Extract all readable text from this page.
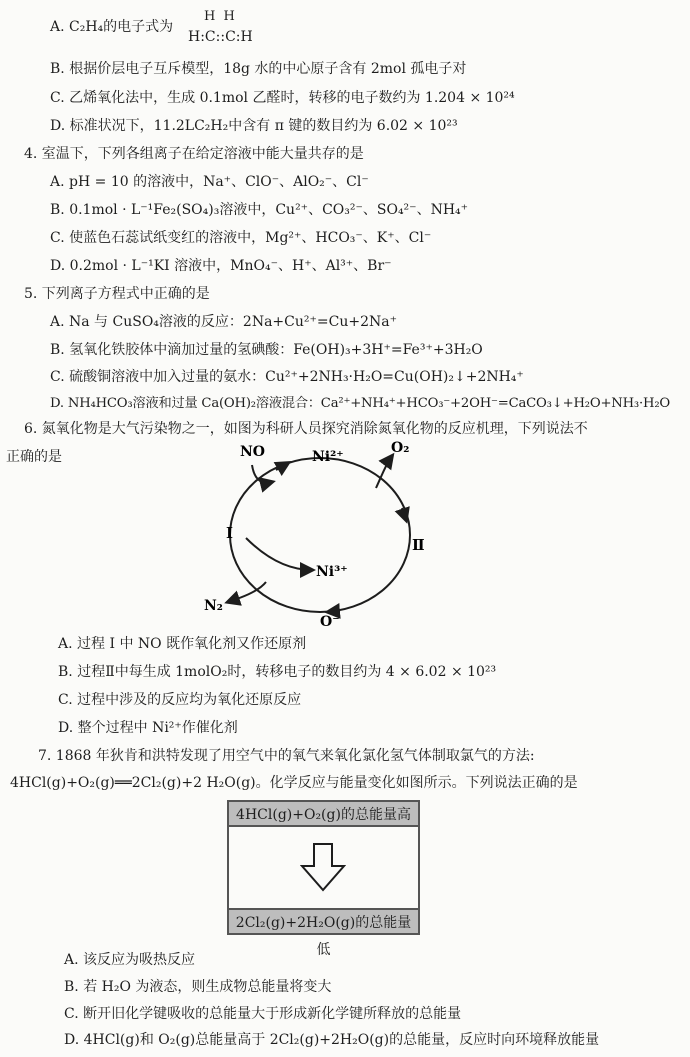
A. C₂H₄的电子式为
H H
H:C::C:H
B. 根据价层电子互斥模型，18g 水的中心原子含有 2mol 孤电子对
C. 乙烯氧化法中，生成 0.1mol 乙醛时，转移的电子数约为 1.204 × 10²⁴
D. 标准状况下，11.2LC₂H₂中含有 π 键的数目约为 6.02 × 10²³
4. 室温下，下列各组离子在给定溶液中能大量共存的是
A. pH = 10 的溶液中，Na⁺、ClO⁻、AlO₂⁻、Cl⁻
B. 0.1mol · L⁻¹Fe₂(SO₄)₃溶液中，Cu²⁺、CO₃²⁻、SO₄²⁻、NH₄⁺
C. 使蓝色石蕊试纸变红的溶液中，Mg²⁺、HCO₃⁻、K⁺、Cl⁻
D. 0.2mol · L⁻¹KI 溶液中，MnO₄⁻、H⁺、Al³⁺、Br⁻
5. 下列离子方程式中正确的是
A. Na 与 CuSO₄溶液的反应：2Na+Cu²⁺=Cu+2Na⁺
B. 氢氧化铁胶体中滴加过量的氢碘酸：Fe(OH)₃+3H⁺=Fe³⁺+3H₂O
C. 硫酸铜溶液中加入过量的氨水：Cu²⁺+2NH₃·H₂O=Cu(OH)₂↓+2NH₄⁺
D. NH₄HCO₃溶液和过量 Ca(OH)₂溶液混合：Ca²⁺+NH₄⁺+HCO₃⁻+2OH⁻=CaCO₃↓+H₂O+NH₃·H₂O
6. 氮氧化物是大气污染物之一，如图为科研人员探究消除氮氧化物的反应机理，下列说法不
正确的是	NO	Ni²⁺
O₂
I
Ⅱ
Ni³⁺
N₂
O⁻
A. 过程 I 中 NO 既作氧化剂又作还原剂
B. 过程Ⅱ中每生成 1molO₂时，转移电子的数目约为 4 × 6.02 × 10²³
C. 过程中涉及的反应均为氧化还原反应
D. 整个过程中 Ni²⁺作催化剂
7. 1868 年狄肯和洪特发现了用空气中的氧气来氧化氯化氢气体制取氯气的方法:
4HCl(g)+O₂(g)══2Cl₂(g)+2 H₂O(g)。化学反应与能量变化如图所示。下列说法正确的是
4HCl(g)+O₂(g)的总能量高
2Cl₂(g)+2H₂O(g)的总能量低
A. 该反应为吸热反应
B. 若 H₂O 为液态，则生成物总能量将变大
C. 断开旧化学键吸收的总能量大于形成新化学键所释放的总能量
D. 4HCl(g)和 O₂(g)总能量高于 2Cl₂(g)+2H₂O(g)的总能量，反应时向环境释放能量
